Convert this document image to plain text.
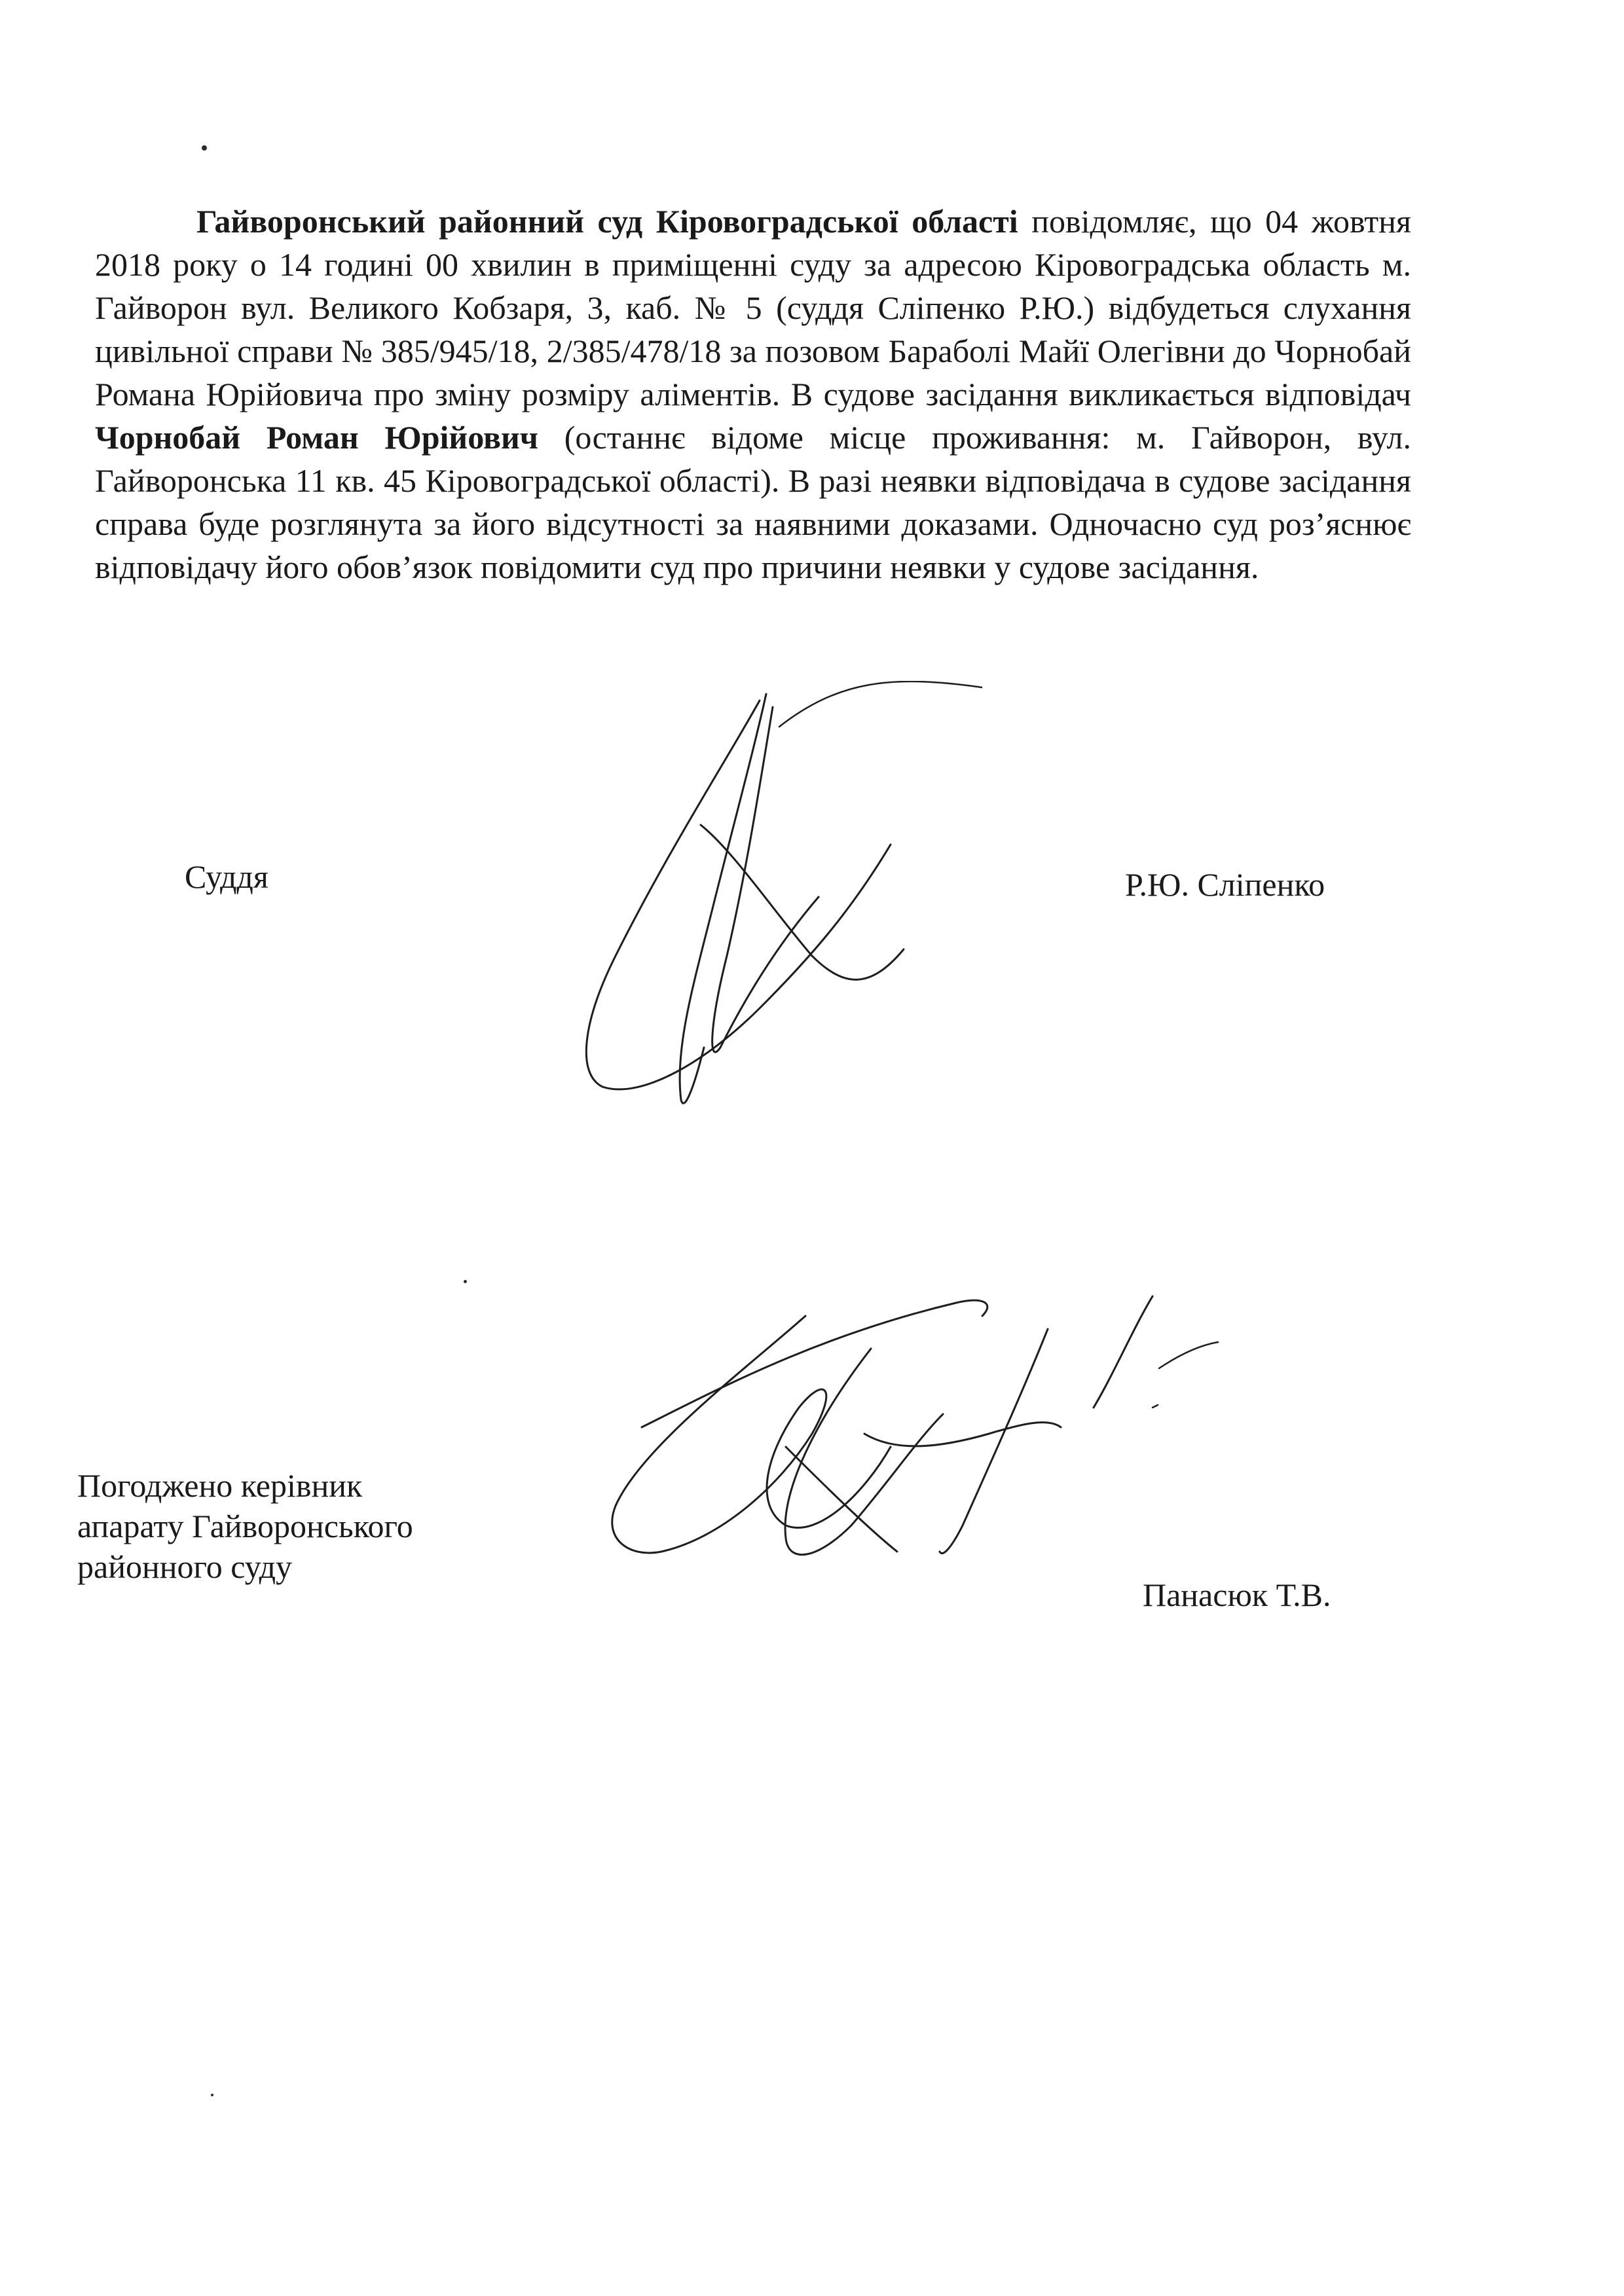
Гайворонський районний суд Кіровоградської області повідомляє, що 04 жовтня 2018 року о 14 годині 00 хвилин в приміщенні суду за адресою Кіровоградська область м. Гайворон вул. Великого Кобзаря, 3, каб. № 5 (суддя Сліпенко Р.Ю.) відбудеться слухання цивільної справи № 385/945/18, 2/385/478/18 за позовом Бараболі Майї Олегівни до Чорнобай Романа Юрійовича про зміну розміру аліментів. В судове засідання викликається відповідач Чорнобай Роман Юрійович (останнє відоме місце проживання: м. Гайворон, вул. Гайворонська 11 кв. 45 Кіровоградської області). В разі неявки відповідача в судове засідання справа буде розглянута за його відсутності за наявними доказами. Одночасно суд роз’яснює відповідачу його обов’язок повідомити суд про причини неявки у судове засідання.

Суддя	Р.Ю. Сліпенко
Погоджено керівник
апарату Гайворонського
районного суду
Панасюк Т.В.
